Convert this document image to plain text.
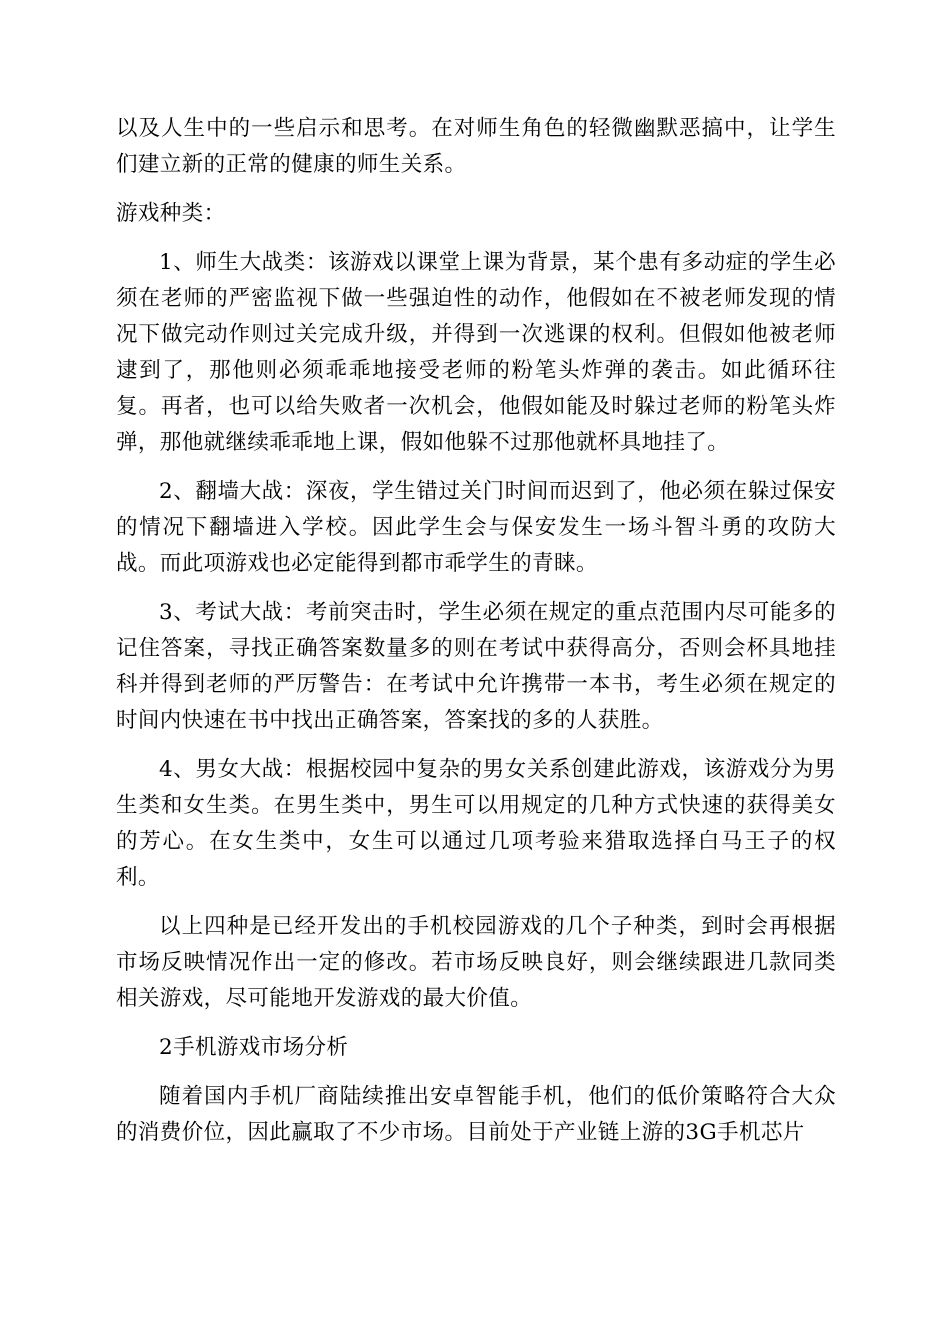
以及人生中的一些启示和思考。在对师生角色的轻微幽默恶搞中，让学生们建立新的正常的健康的师生关系。

游戏种类：

1、师生大战类：该游戏以课堂上课为背景，某个患有多动症的学生必须在老师的严密监视下做一些强迫性的动作，他假如在不被老师发现的情况下做完动作则过关完成升级，并得到一次逃课的权利。但假如他被老师逮到了，那他则必须乖乖地接受老师的粉笔头炸弹的袭击。如此循环往复。再者，也可以给失败者一次机会，他假如能及时躲过老师的粉笔头炸弹，那他就继续乖乖地上课，假如他躲不过那他就杯具地挂了。

2、翻墙大战：深夜，学生错过关门时间而迟到了，他必须在躲过保安的情况下翻墙进入学校。因此学生会与保安发生一场斗智斗勇的攻防大战。而此项游戏也必定能得到都市乖学生的青睐。

3、考试大战：考前突击时，学生必须在规定的重点范围内尽可能多的记住答案，寻找正确答案数量多的则在考试中获得高分，否则会杯具地挂科并得到老师的严厉警告：在考试中允许携带一本书，考生必须在规定的时间内快速在书中找出正确答案，答案找的多的人获胜。

4、男女大战：根据校园中复杂的男女关系创建此游戏，该游戏分为男生类和女生类。在男生类中，男生可以用规定的几种方式快速的获得美女的芳心。在女生类中，女生可以通过几项考验来猎取选择白马王子的权利。

以上四种是已经开发出的手机校园游戏的几个子种类，到时会再根据市场反映情况作出一定的修改。若市场反映良好，则会继续跟进几款同类相关游戏，尽可能地开发游戏的最大价值。

2手机游戏市场分析

随着国内手机厂商陆续推出安卓智能手机，他们的低价策略符合大众的消费价位，因此赢取了不少市场。目前处于产业链上游的3G手机芯片
